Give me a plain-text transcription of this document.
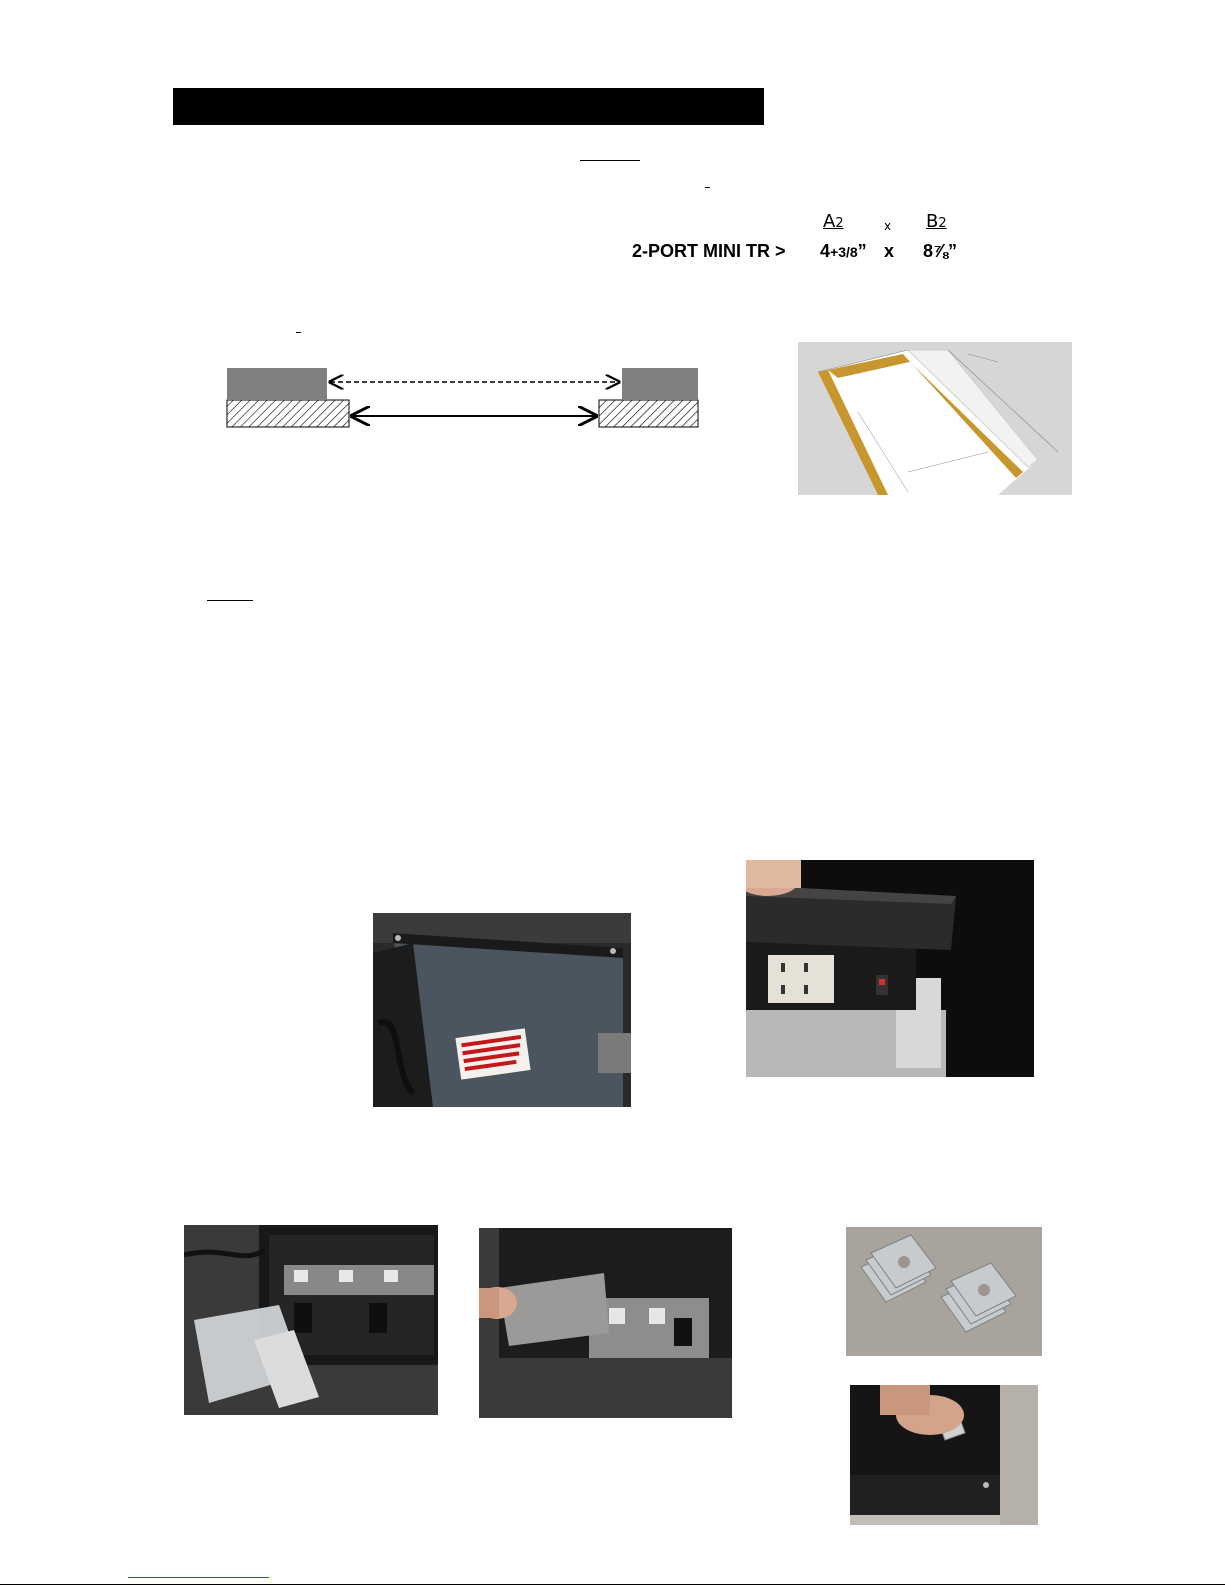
A2	x B2
2-PORT MINI TR > 4+3/8” x 8⅞”
